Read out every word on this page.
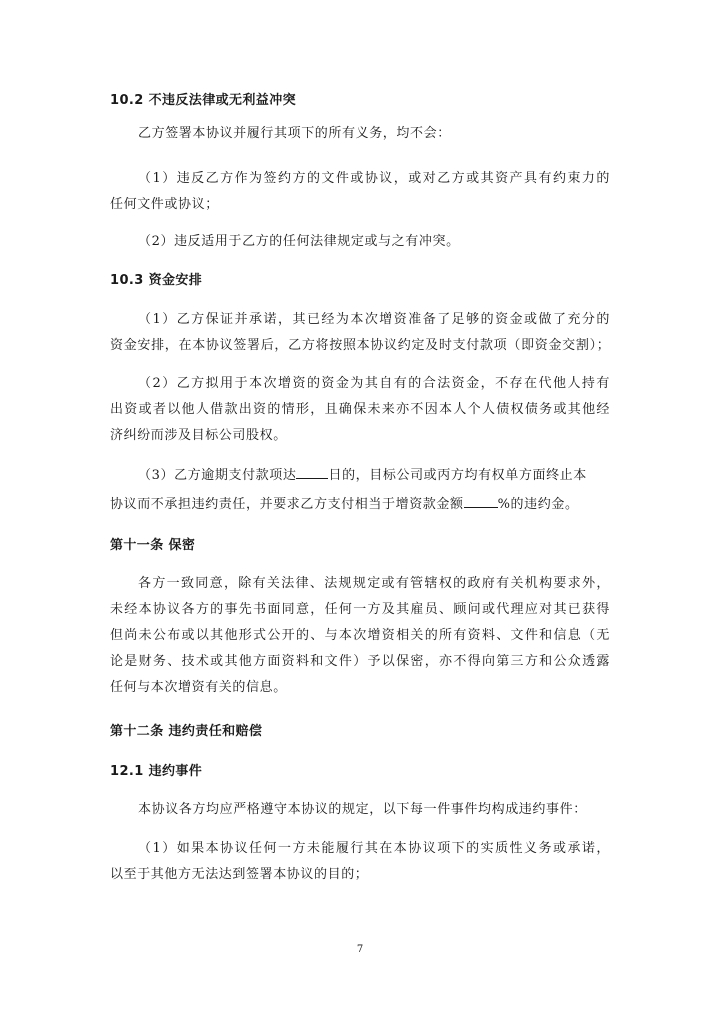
10.2 不违反法律或无利益冲突
乙方签署本协议并履行其项下的所有义务，均不会：
（1）违反乙方作为签约方的文件或协议，或对乙方或其资产具有约束力的
任何文件或协议；
（2）违反适用于乙方的任何法律规定或与之有冲突。
10.3 资金安排
（1）乙方保证并承诺，其已经为本次增资准备了足够的资金或做了充分的
资金安排，在本协议签署后，乙方将按照本协议约定及时支付款项（即资金交割）；
（2）乙方拟用于本次增资的资金为其自有的合法资金，不存在代他人持有
出资或者以他人借款出资的情形，且确保未来亦不因本人个人债权债务或其他经
济纠纷而涉及目标公司股权。
（3）乙方逾期支付款项达 日的，目标公司或丙方均有权单方面终止本
协议而不承担违约责任，并要求乙方支付相当于增资款金额	%的违约金。
第十一条 保密
各方一致同意，除有关法律、法规规定或有管辖权的政府有关机构要求外，
未经本协议各方的事先书面同意，任何一方及其雇员、顾问或代理应对其已获得
但尚未公布或以其他形式公开的、与本次增资相关的所有资料、文件和信息（无
论是财务、技术或其他方面资料和文件）予以保密，亦不得向第三方和公众透露
任何与本次增资有关的信息。
第十二条 违约责任和赔偿
12.1 违约事件
本协议各方均应严格遵守本协议的规定，以下每一件事件均构成违约事件：
（1）如果本协议任何一方未能履行其在本协议项下的实质性义务或承诺，
以至于其他方无法达到签署本协议的目的；
7
